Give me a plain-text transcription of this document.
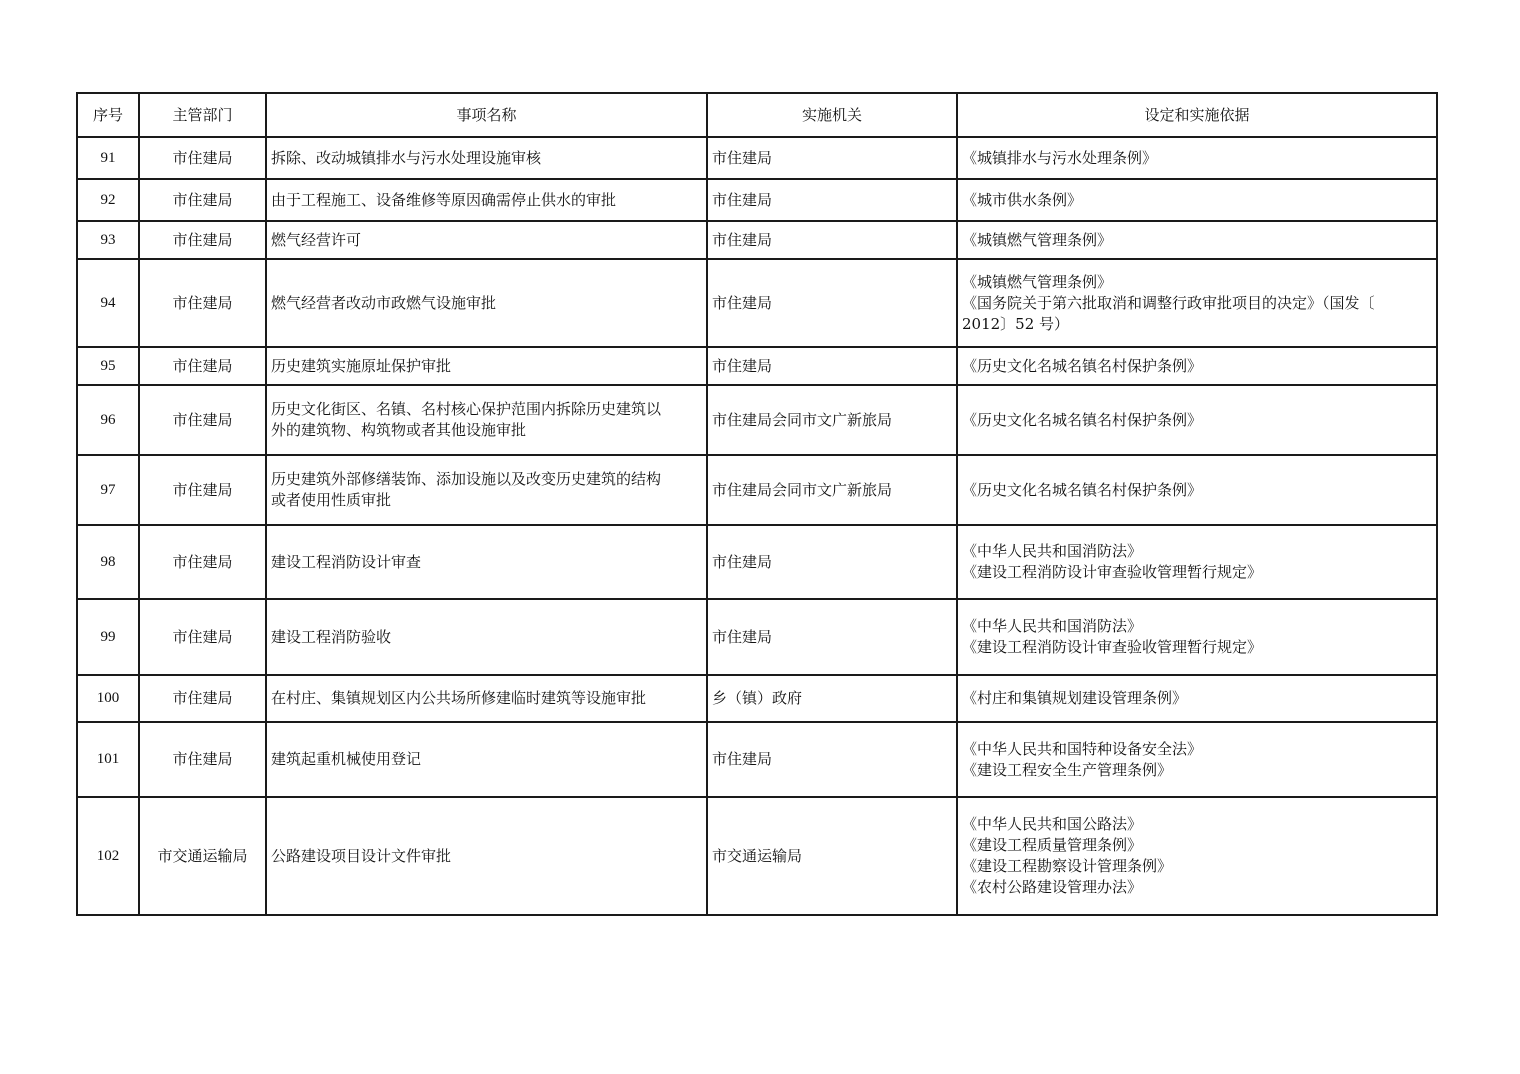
序号	主管部门	事项名称	实施机关	设定和实施依据
91	市住建局	拆除、改动城镇排水与污水处理设施审核	市住建局	《城镇排水与污水处理条例》

92	市住建局	由于工程施工、设备维修等原因确需停止供水的审批	市住建局	《城市供水条例》

93	市住建局	燃气经营许可	市住建局	《城镇燃气管理条例》

94	市住建局	燃气经营者改动市政燃气设施审批	市住建局	《城镇燃气管理条例》
《国务院关于第六批取消和调整行政审批项目的决定》（国发〔
2012〕52 号）

95	市住建局	历史建筑实施原址保护审批	市住建局	《历史文化名城名镇名村保护条例》

96	市住建局	历史文化街区、名镇、名村核心保护范围内拆除历史建筑以
外的建筑物、构筑物或者其他设施审批	市住建局会同市文广新旅局	《历史文化名城名镇名村保护条例》

97	市住建局	历史建筑外部修缮装饰、添加设施以及改变历史建筑的结构
或者使用性质审批	市住建局会同市文广新旅局	《历史文化名城名镇名村保护条例》

98	市住建局	建设工程消防设计审查	市住建局	《中华人民共和国消防法》
《建设工程消防设计审查验收管理暂行规定》

99	市住建局	建设工程消防验收	市住建局	《中华人民共和国消防法》
《建设工程消防设计审查验收管理暂行规定》

100	市住建局	在村庄、集镇规划区内公共场所修建临时建筑等设施审批	乡（镇）政府	《村庄和集镇规划建设管理条例》

101	市住建局	建筑起重机械使用登记	市住建局	《中华人民共和国特种设备安全法》
《建设工程安全生产管理条例》

102	市交通运输局	公路建设项目设计文件审批	市交通运输局	《中华人民共和国公路法》
《建设工程质量管理条例》
《建设工程勘察设计管理条例》
《农村公路建设管理办法》
